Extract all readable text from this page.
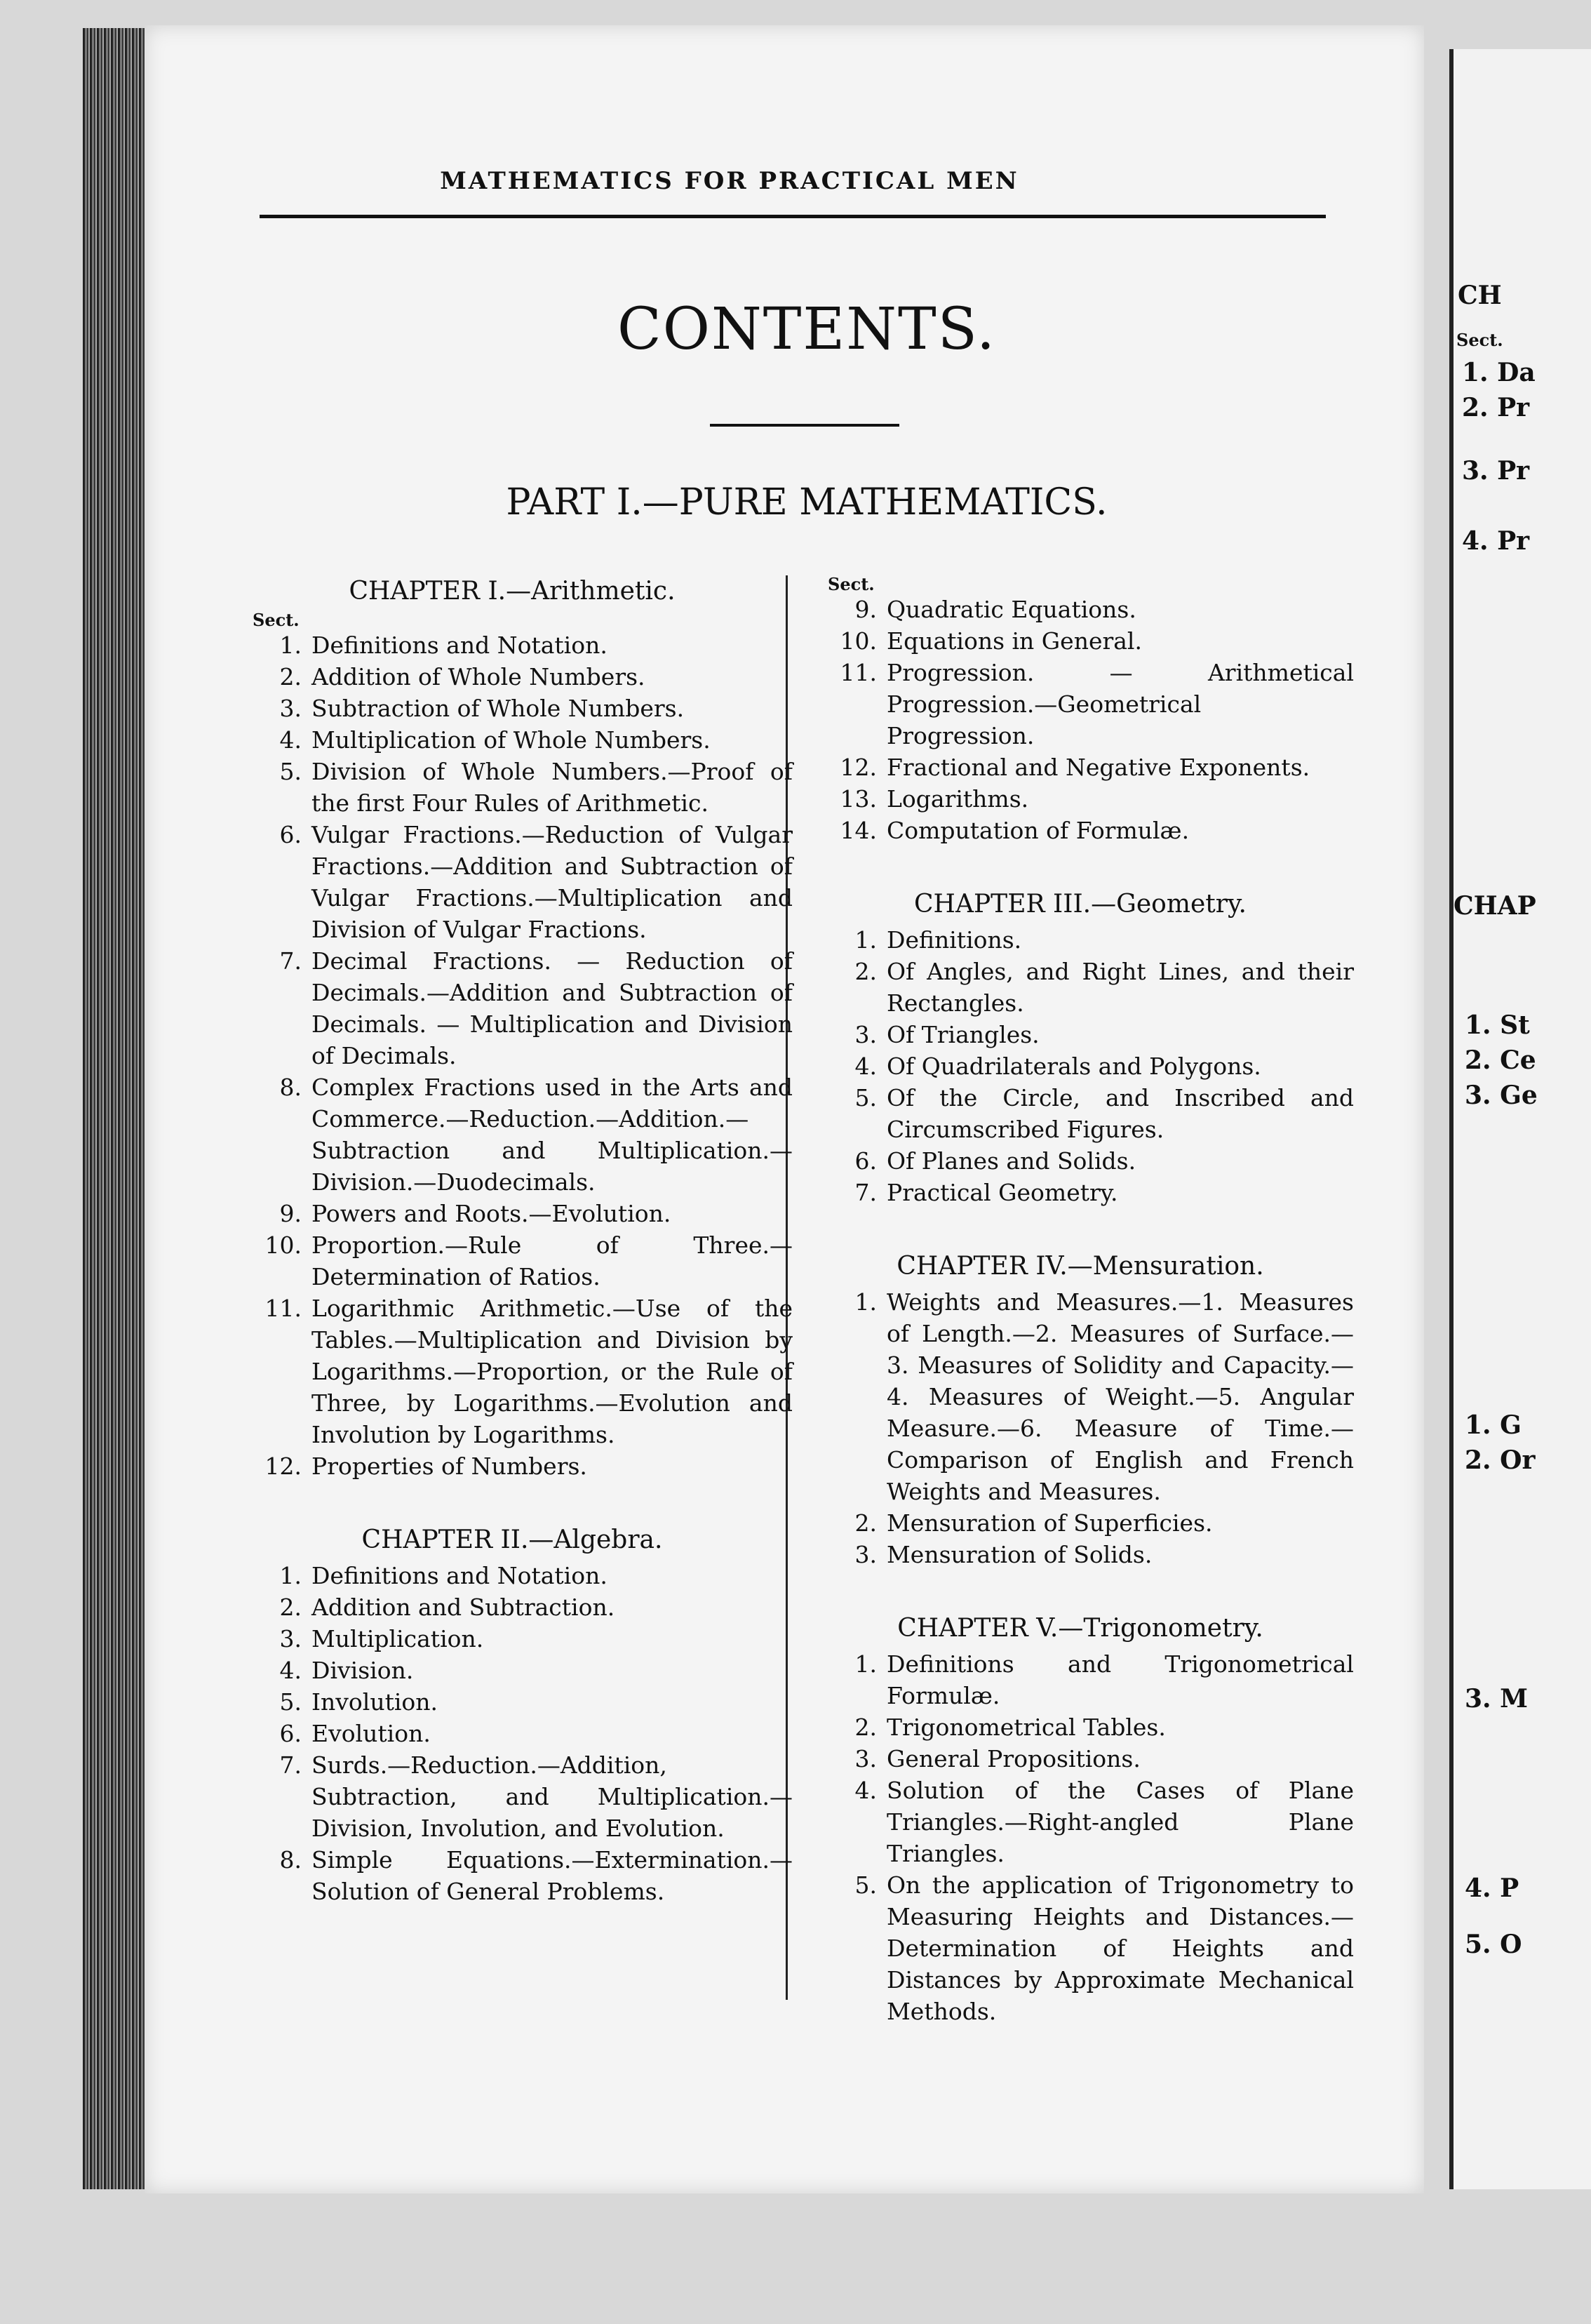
MATHEMATICS FOR PRACTICAL MEN
CONTENTS.
PART I.—PURE MATHEMATICS.
CHAPTER I.—Arithmetic.
Sect.
1. Definitions and Notation.
2. Addition of Whole Numbers.
3. Subtraction of Whole Numbers.
4. Multiplication of Whole Numbers.
5. Division of Whole Numbers.—Proof of the first Four Rules of Arithmetic.
6. Vulgar Fractions.—Reduction of Vulgar Fractions.—Addition and Subtraction of Vulgar Fractions.—Multiplication and Division of Vulgar Fractions.
7. Decimal Fractions. — Reduction of Decimals.—Addition and Subtraction of Decimals. — Multiplication and Division of Decimals.
8. Complex Fractions used in the Arts and Commerce.—Reduction.—Addition.— Subtraction and Multiplication.—Division.—Duodecimals.
9. Powers and Roots.—Evolution.
10. Proportion.—Rule of Three.—Determination of Ratios.
11. Logarithmic Arithmetic.—Use of the Tables.—Multiplication and Division by Logarithms.—Proportion, or the Rule of Three, by Logarithms.—Evolution and Involution by Logarithms.
12. Properties of Numbers.
CHAPTER II.—Algebra.
1. Definitions and Notation.
2. Addition and Subtraction.
3. Multiplication.
4. Division.
5. Involution.
6. Evolution.
7. Surds.—Reduction.—Addition, Subtraction, and Multiplication.—Division, Involution, and Evolution.
8. Simple Equations.—Extermination.—Solution of General Problems.
Sect.
9. Quadratic Equations.
10. Equations in General.
11. Progression. — Arithmetical Progression.—Geometrical Progression.
12. Fractional and Negative Exponents.
13. Logarithms.
14. Computation of Formulæ.
CHAPTER III.—Geometry.
1. Definitions.
2. Of Angles, and Right Lines, and their Rectangles.
3. Of Triangles.
4. Of Quadrilaterals and Polygons.
5. Of the Circle, and Inscribed and Circumscribed Figures.
6. Of Planes and Solids.
7. Practical Geometry.
CHAPTER IV.—Mensuration.
1. Weights and Measures.—1. Measures of Length.—2. Measures of Surface.—3. Measures of Solidity and Capacity.—4. Measures of Weight.—5. Angular Measure.—6. Measure of Time.—Comparison of English and French Weights and Measures.
2. Mensuration of Superficies.
3. Mensuration of Solids.
CHAPTER V.—Trigonometry.
1. Definitions and Trigonometrical Formulæ.
2. Trigonometrical Tables.
3. General Propositions.
4. Solution of the Cases of Plane Triangles.—Right-angled Plane Triangles.
5. On the application of Trigonometry to Measuring Heights and Distances.— Determination of Heights and Distances by Approximate Mechanical Methods.
CH
Sect.
1. Da
2. Pr
3. Pr
4. Pr
CHAP
1. St
2. Ce
3. Ge
1. G
2. Or
3. M
4. P
5. O
